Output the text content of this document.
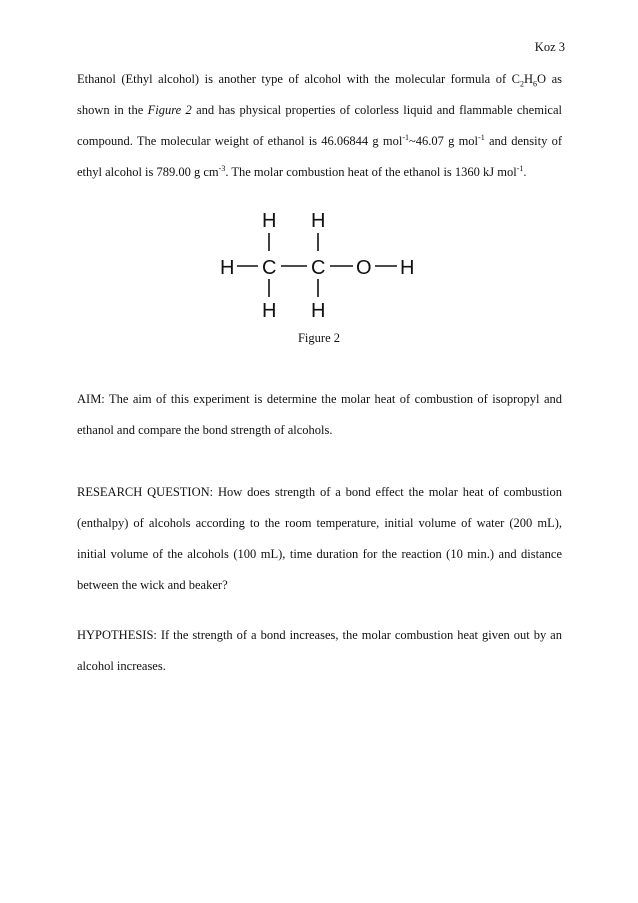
Koz 3
Ethanol (Ethyl alcohol) is another type of alcohol with the molecular formula of $C_2H_6O$ as shown in the Figure 2 and has physical properties of colorless liquid and flammable chemical compound. The molecular weight of ethanol is 46.06844 g mol$^{-1}$~46.07 g mol$^{-1}$ and density of ethyl alcohol is 789.00 g $cm^{-3}$. The molar combustion heat of the ethanol is 1360 kJ mol$^{-1}$.
H H
H C C O H
H H
Figure 2
AIM: The aim of this experiment is determine the molar heat of combustion of isopropyl and ethanol and compare the bond strength of alcohols.
RESEARCH QUESTION: How does strength of a bond effect the molar heat of combustion (enthalpy) of alcohols according to the room temperature, initial volume of water (200 mL), initial volume of the alcohols (100 mL), time duration for the reaction (10 min.) and distance between the wick and beaker?
HYPOTHESIS: If the strength of a bond increases, the molar combustion heat given out by an alcohol increases.
